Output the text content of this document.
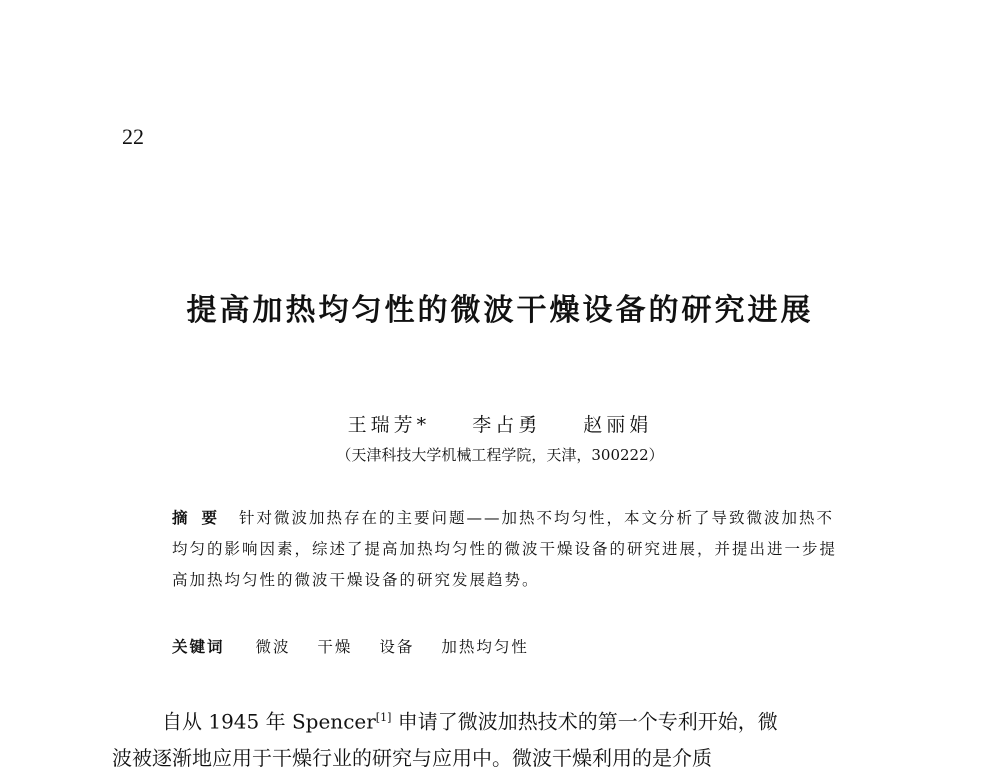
22
提高加热均匀性的微波干燥设备的研究进展
王瑞芳* 李占勇 赵丽娟
（天津科技大学机械工程学院，天津，300222）
摘要 针对微波加热存在的主要问题——加热不均匀性，本文分析了导致微波加热不均匀的影响因素，综述了提高加热均匀性的微波干燥设备的研究进展，并提出进一步提高加热均匀性的微波干燥设备的研究发展趋势。
关键词 微波 干燥 设备 加热均匀性
自从 1945 年 Spencer[1] 申请了微波加热技术的第一个专利开始，微
波被逐渐地应用于干燥行业的研究与应用中。微波干燥利用的是介质
